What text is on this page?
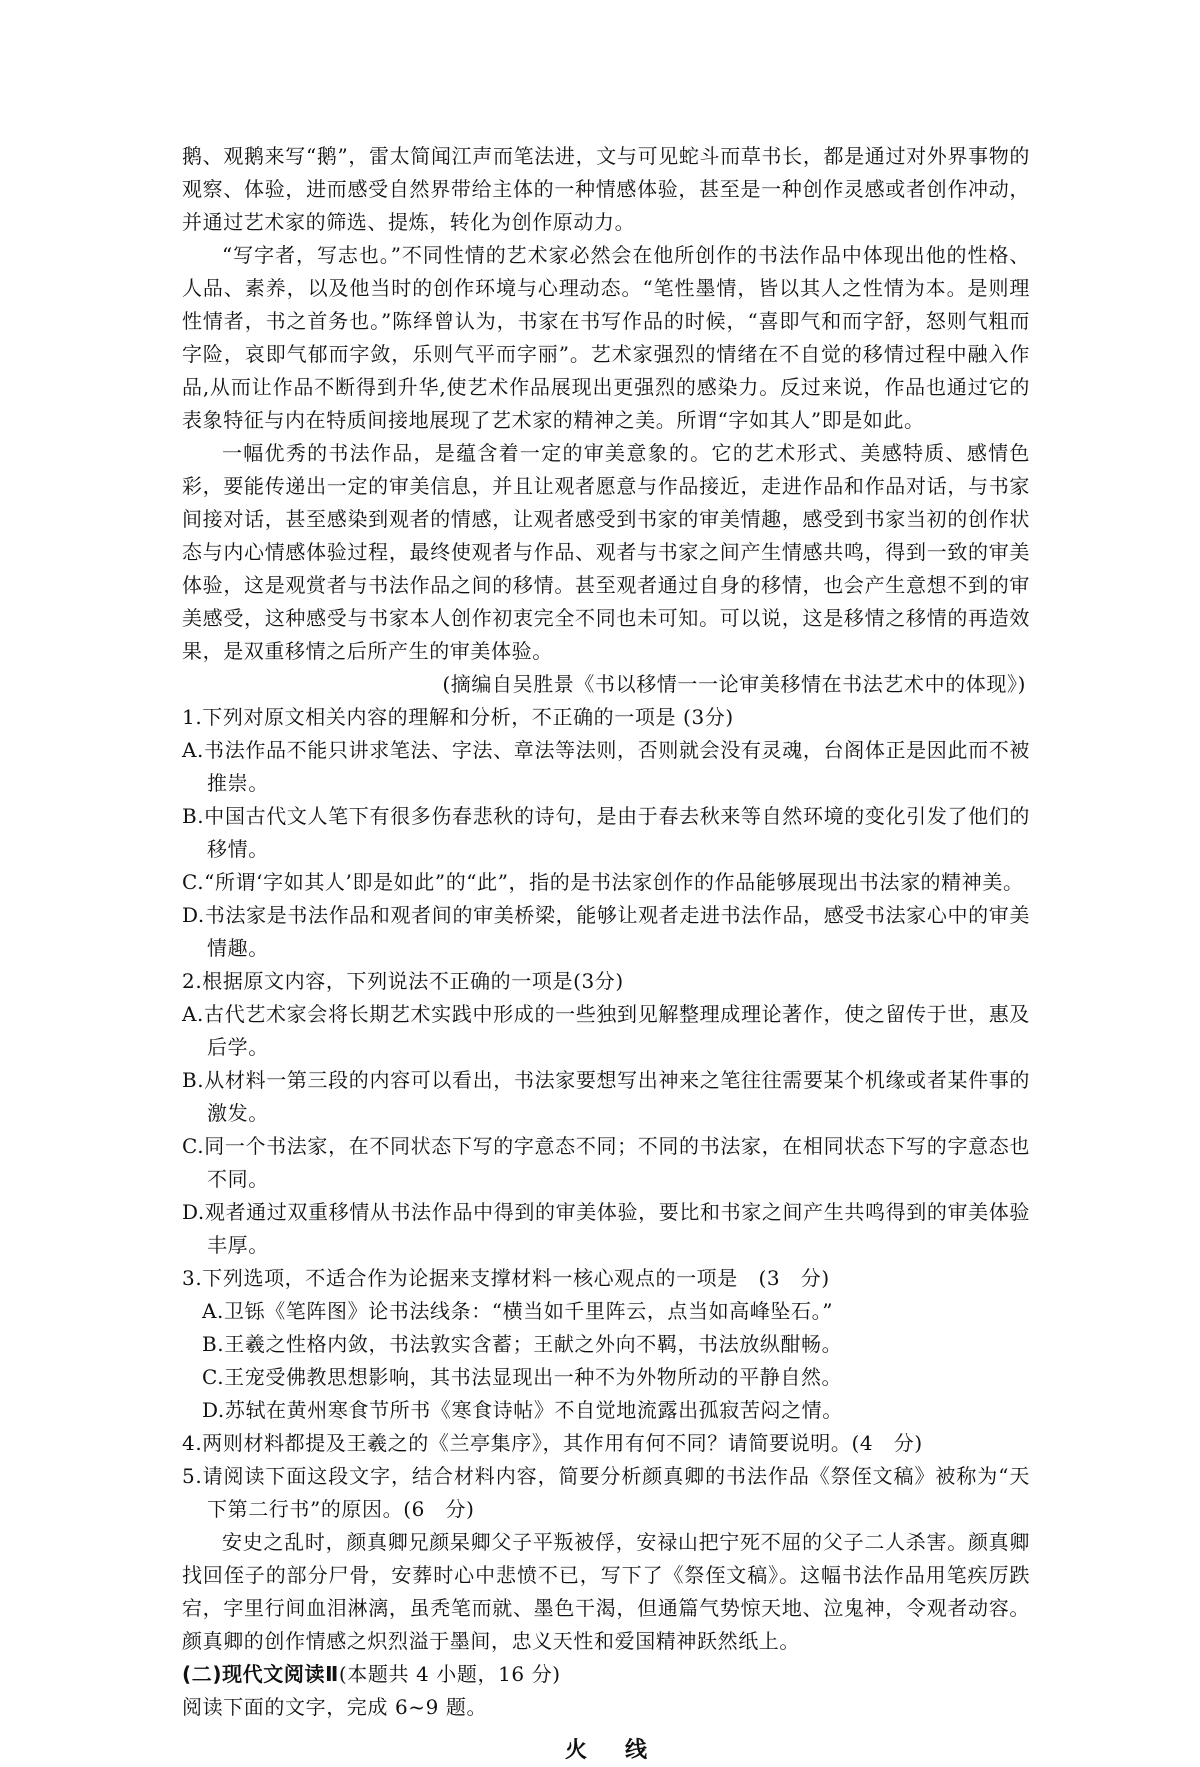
鹅、观鹅来写“鹅”，雷太简闻江声而笔法进，文与可见蛇斗而草书长，都是通过对外界事物的观察、体验，进而感受自然界带给主体的一种情感体验，甚至是一种创作灵感或者创作冲动，并通过艺术家的筛选、提炼，转化为创作原动力。

“写字者，写志也。”不同性情的艺术家必然会在他所创作的书法作品中体现出他的性格、人品、素养，以及他当时的创作环境与心理动态。“笔性墨情，皆以其人之性情为本。是则理性情者，书之首务也。”陈绎曾认为，书家在书写作品的时候，“喜即气和而字舒，怒则气粗而字险，哀即气郁而字敛，乐则气平而字丽”。艺术家强烈的情绪在不自觉的移情过程中融入作品,从而让作品不断得到升华,使艺术作品展现出更强烈的感染力。反过来说，作品也通过它的表象特征与内在特质间接地展现了艺术家的精神之美。所谓“字如其人”即是如此。

一幅优秀的书法作品，是蕴含着一定的审美意象的。它的艺术形式、美感特质、感情色彩，要能传递出一定的审美信息，并且让观者愿意与作品接近，走进作品和作品对话，与书家间接对话，甚至感染到观者的情感，让观者感受到书家的审美情趣，感受到书家当初的创作状态与内心情感体验过程，最终使观者与作品、观者与书家之间产生情感共鸣，得到一致的审美体验，这是观赏者与书法作品之间的移情。甚至观者通过自身的移情，也会产生意想不到的审美感受，这种感受与书家本人创作初衷完全不同也未可知。可以说，这是移情之移情的再造效果，是双重移情之后所产生的审美体验。

(摘编自吴胜景《书以移情一一论审美移情在书法艺术中的体现》)

1.下列对原文相关内容的理解和分析，不正确的一项是 (3分)

A.书法作品不能只讲求笔法、字法、章法等法则，否则就会没有灵魂，台阁体正是因此而不被推崇。

B.中国古代文人笔下有很多伤春悲秋的诗句，是由于春去秋来等自然环境的变化引发了他们的移情。

C.“所谓‘字如其人’即是如此”的“此”，指的是书法家创作的作品能够展现出书法家的精神美。

D.书法家是书法作品和观者间的审美桥梁，能够让观者走进书法作品，感受书法家心中的审美情趣。

2.根据原文内容，下列说法不正确的一项是(3分)

A.古代艺术家会将长期艺术实践中形成的一些独到见解整理成理论著作，使之留传于世，惠及后学。

B.从材料一第三段的内容可以看出，书法家要想写出神来之笔往往需要某个机缘或者某件事的激发。

C.同一个书法家，在不同状态下写的字意态不同；不同的书法家，在相同状态下写的字意态也不同。

D.观者通过双重移情从书法作品中得到的审美体验，要比和书家之间产生共鸣得到的审美体验丰厚。

3.下列选项，不适合作为论据来支撑材料一核心观点的一项是　(3　分)

A.卫铄《笔阵图》论书法线条：“横当如千里阵云，点当如高峰坠石。”

B.王羲之性格内敛，书法敦实含蓄；王献之外向不羁，书法放纵酣畅。

C.王宠受佛教思想影响，其书法显现出一种不为外物所动的平静自然。

D.苏轼在黄州寒食节所书《寒食诗帖》不自觉地流露出孤寂苦闷之情。

4.两则材料都提及王羲之的《兰亭集序》，其作用有何不同？请简要说明。(4　分)

5.请阅读下面这段文字，结合材料内容，简要分析颜真卿的书法作品《祭侄文稿》被称为“天下第二行书”的原因。(6　分)

安史之乱时，颜真卿兄颜杲卿父子平叛被俘，安禄山把宁死不屈的父子二人杀害。颜真卿找回侄子的部分尸骨，安葬时心中悲愤不已，写下了《祭侄文稿》。这幅书法作品用笔疾厉跌宕，字里行间血泪淋漓，虽秃笔而就、墨色干渴，但通篇气势惊天地、泣鬼神，令观者动容。颜真卿的创作情感之炽烈溢于墨间，忠义天性和爱国精神跃然纸上。

(二)现代文阅读Ⅱ(本题共 4 小题，16 分)

阅读下面的文字，完成 6~9 题。

火线
